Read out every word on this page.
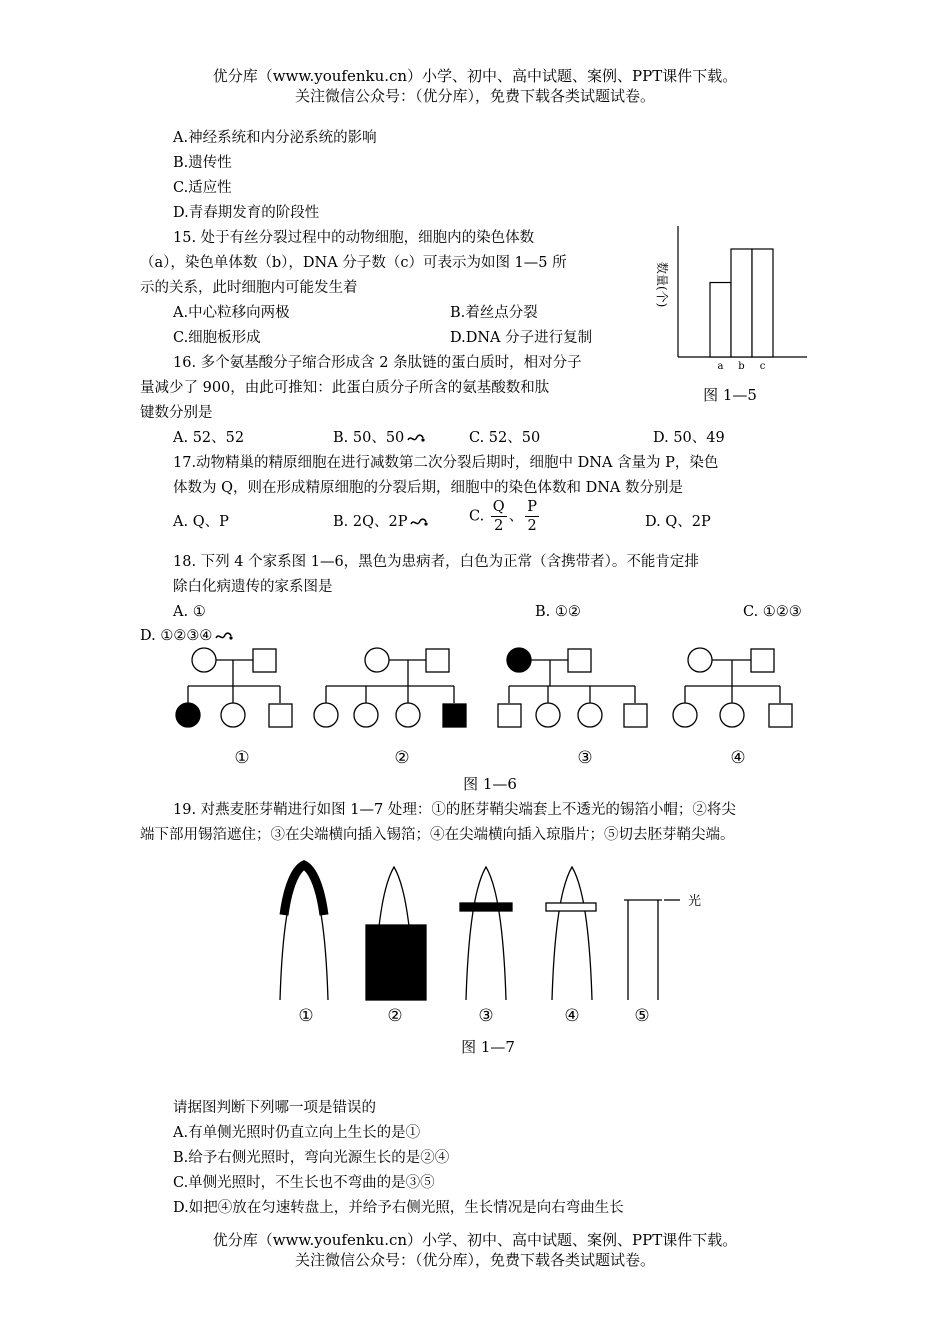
优分库（www.youfenku.cn）小学、初中、高中试题、案例、PPT课件下载。
关注微信公众号：（优分库），免费下载各类试题试卷。
A.神经系统和内分泌系统的影响
B.遗传性
C.适应性
D.青春期发育的阶段性
15. 处于有丝分裂过程中的动物细胞，细胞内的染色体数
（a），染色单体数（b），DNA 分子数（c）可表示为如图 1—5 所
示的关系，此时细胞内可能发生着
A.中心粒移向两极	B.着丝点分裂
C.细胞板形成	D.DNA 分子进行复制
数量(个)
a b c
图 1—5
16. 多个氨基酸分子缩合形成含 2 条肽链的蛋白质时，相对分子
量减少了 900，由此可推知：此蛋白质分子所含的氨基酸数和肽
键数分别是
A. 52、52	B. 50、50	C. 52、50	D. 50、49
17.动物精巢的精原细胞在进行减数第二次分裂后期时，细胞中 DNA 含量为 P，染色
体数为 Q，则在形成精原细胞的分裂后期，细胞中的染色体数和 DNA 数分别是
A. Q、P	B. 2Q、2P	C. $\frac{Q}{2}$ 、 $\frac{P}{2}$	D. Q、2P
18. 下列 4 个家系图 1—6，黑色为患病者，白色为正常（含携带者）。不能肯定排
除白化病遗传的家系图是
A. ①	B. ①②	C. ①②③
D. ①②③④
①	②	③	④
图 1—6
19. 对燕麦胚芽鞘进行如图 1—7 处理：①的胚芽鞘尖端套上不透光的锡箔小帽；②将尖
端下部用锡箔遮住；③在尖端横向插入锡箔；④在尖端横向插入琼脂片；⑤切去胚芽鞘尖端。
光
①	②	③	④	⑤
图 1—7
请据图判断下列哪一项是错误的
A.有单侧光照时仍直立向上生长的是①
B.给予右侧光照时，弯向光源生长的是②④
C.单侧光照时，不生长也不弯曲的是③⑤
D.如把④放在匀速转盘上，并给予右侧光照，生长情况是向右弯曲生长
优分库（www.youfenku.cn）小学、初中、高中试题、案例、PPT课件下载。
关注微信公众号：（优分库），免费下载各类试题试卷。
